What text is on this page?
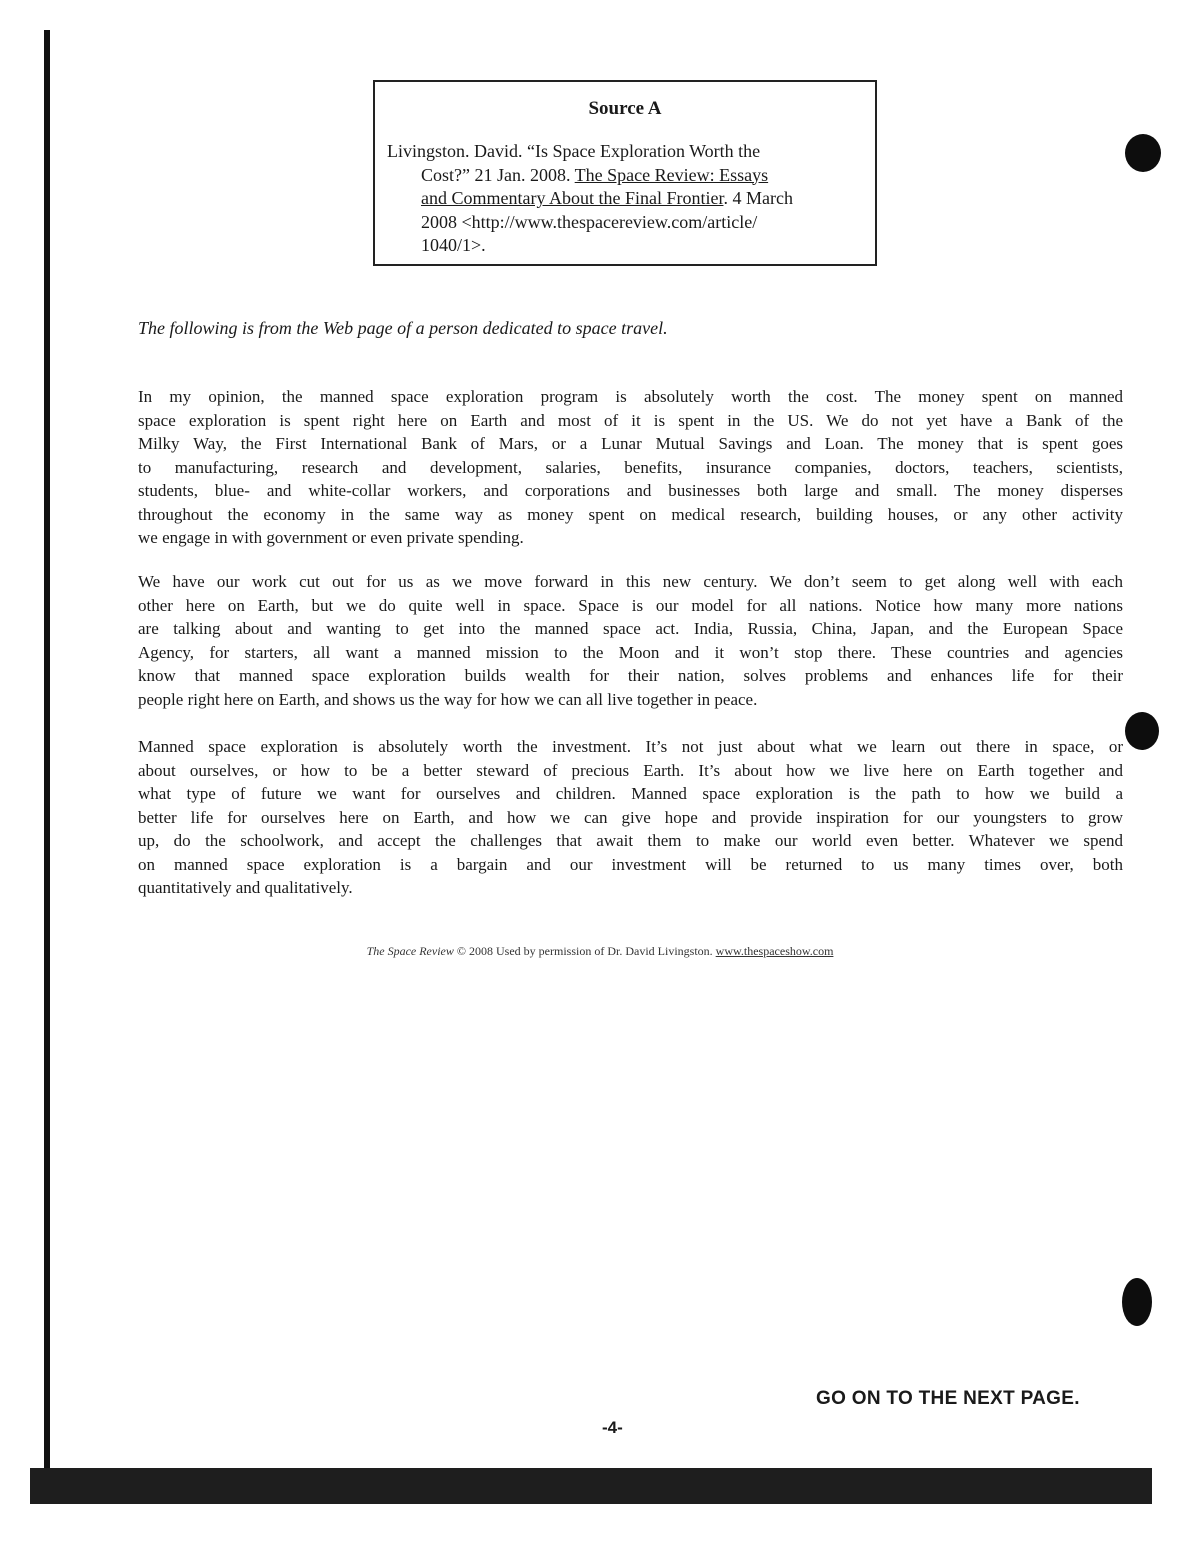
Source A
Livingston. David. “Is Space Exploration Worth the
Cost?” 21 Jan. 2008. The Space Review: Essays
and Commentary About the Final Frontier. 4 March
2008 <http://www.thespacereview.com/article/
1040/1>.
The following is from the Web page of a person dedicated to space travel.
In my opinion, the manned space exploration program is absolutely worth the cost. The money spent on manned
space exploration is spent right here on Earth and most of it is spent in the US. We do not yet have a Bank of the
Milky Way, the First International Bank of Mars, or a Lunar Mutual Savings and Loan. The money that is spent goes
to manufacturing, research and development, salaries, benefits, insurance companies, doctors, teachers, scientists,
students, blue- and white-collar workers, and corporations and businesses both large and small. The money disperses
throughout the economy in the same way as money spent on medical research, building houses, or any other activity
we engage in with government or even private spending.
We have our work cut out for us as we move forward in this new century. We don’t seem to get along well with each
other here on Earth, but we do quite well in space. Space is our model for all nations. Notice how many more nations
are talking about and wanting to get into the manned space act. India, Russia, China, Japan, and the European Space
Agency, for starters, all want a manned mission to the Moon and it won’t stop there. These countries and agencies
know that manned space exploration builds wealth for their nation, solves problems and enhances life for their
people right here on Earth, and shows us the way for how we can all live together in peace.
Manned space exploration is absolutely worth the investment. It’s not just about what we learn out there in space, or
about ourselves, or how to be a better steward of precious Earth. It’s about how we live here on Earth together and
what type of future we want for ourselves and children. Manned space exploration is the path to how we build a
better life for ourselves here on Earth, and how we can give hope and provide inspiration for our youngsters to grow
up, do the schoolwork, and accept the challenges that await them to make our world even better. Whatever we spend
on manned space exploration is a bargain and our investment will be returned to us many times over, both
quantitatively and qualitatively.
The Space Review © 2008 Used by permission of Dr. David Livingston. www.thespaceshow.com
GO ON TO THE NEXT PAGE.
-4-
